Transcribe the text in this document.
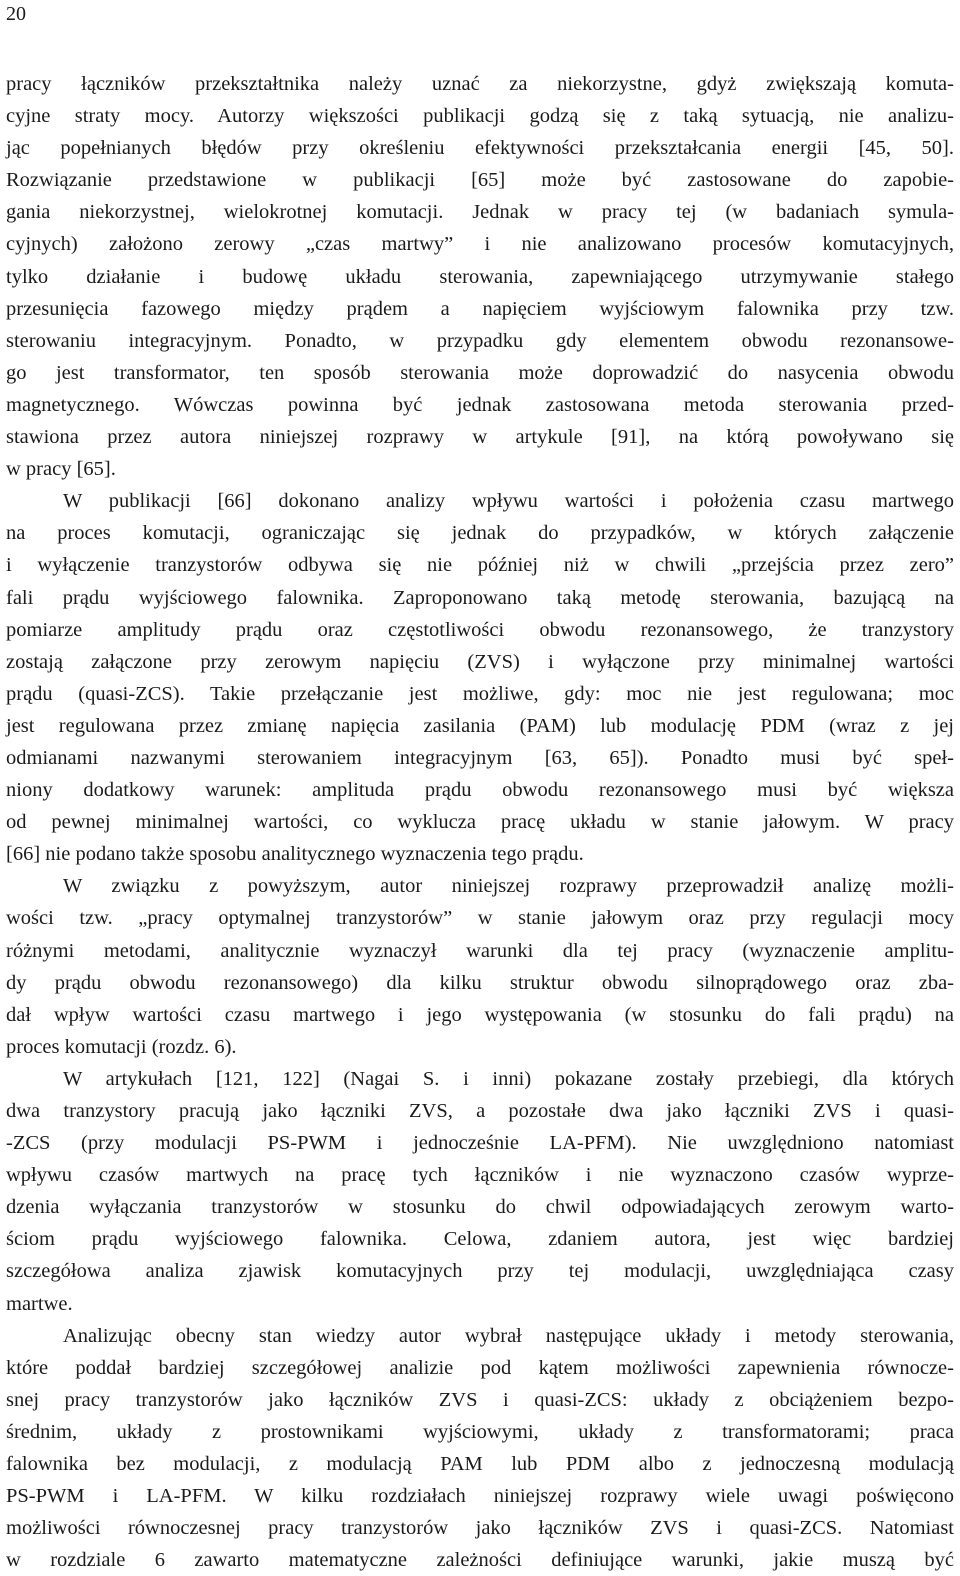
20

pracy łączników przekształtnika należy uznać za niekorzystne, gdyż zwiększają komuta-
cyjne straty mocy. Autorzy większości publikacji godzą się z taką sytuacją, nie analizu-
jąc popełnianych błędów przy określeniu efektywności przekształcania energii [45, 50].
Rozwiązanie przedstawione w publikacji [65] może być zastosowane do zapobie-
gania niekorzystnej, wielokrotnej komutacji. Jednak w pracy tej (w badaniach symula-
cyjnych) założono zerowy „czas martwy” i nie analizowano procesów komutacyjnych,
tylko działanie i budowę układu sterowania, zapewniającego utrzymywanie stałego
przesunięcia fazowego między prądem a napięciem wyjściowym falownika przy tzw.
sterowaniu integracyjnym. Ponadto, w przypadku gdy elementem obwodu rezonansowe-
go jest transformator, ten sposób sterowania może doprowadzić do nasycenia obwodu
magnetycznego. Wówczas powinna być jednak zastosowana metoda sterowania przed-
stawiona przez autora niniejszej rozprawy w artykule [91], na którą powoływano się
w pracy [65].

W publikacji [66] dokonano analizy wpływu wartości i położenia czasu martwego
na proces komutacji, ograniczając się jednak do przypadków, w których załączenie
i wyłączenie tranzystorów odbywa się nie później niż w chwili „przejścia przez zero”
fali prądu wyjściowego falownika. Zaproponowano taką metodę sterowania, bazującą na
pomiarze amplitudy prądu oraz częstotliwości obwodu rezonansowego, że tranzystory
zostają załączone przy zerowym napięciu (ZVS) i wyłączone przy minimalnej wartości
prądu (quasi-ZCS). Takie przełączanie jest możliwe, gdy: moc nie jest regulowana; moc
jest regulowana przez zmianę napięcia zasilania (PAM) lub modulację PDM (wraz z jej
odmianami nazwanymi sterowaniem integracyjnym [63, 65]). Ponadto musi być speł-
niony dodatkowy warunek: amplituda prądu obwodu rezonansowego musi być większa
od pewnej minimalnej wartości, co wyklucza pracę układu w stanie jałowym. W pracy
[66] nie podano także sposobu analitycznego wyznaczenia tego prądu.

W związku z powyższym, autor niniejszej rozprawy przeprowadził analizę możli-
wości tzw. „pracy optymalnej tranzystorów” w stanie jałowym oraz przy regulacji mocy
różnymi metodami, analitycznie wyznaczył warunki dla tej pracy (wyznaczenie amplitu-
dy prądu obwodu rezonansowego) dla kilku struktur obwodu silnoprądowego oraz zba-
dał wpływ wartości czasu martwego i jego występowania (w stosunku do fali prądu) na
proces komutacji (rozdz. 6).

W artykułach [121, 122] (Nagai S. i inni) pokazane zostały przebiegi, dla których
dwa tranzystory pracują jako łączniki ZVS, a pozostałe dwa jako łączniki ZVS i quasi-
-ZCS (przy modulacji PS-PWM i jednocześnie LA-PFM). Nie uwzględniono natomiast
wpływu czasów martwych na pracę tych łączników i nie wyznaczono czasów wyprze-
dzenia wyłączania tranzystorów w stosunku do chwil odpowiadających zerowym warto-
ściom prądu wyjściowego falownika. Celowa, zdaniem autora, jest więc bardziej
szczegółowa analiza zjawisk komutacyjnych przy tej modulacji, uwzględniająca czasy
martwe.

Analizując obecny stan wiedzy autor wybrał następujące układy i metody sterowania,
które poddał bardziej szczegółowej analizie pod kątem możliwości zapewnienia równocze-
snej pracy tranzystorów jako łączników ZVS i quasi-ZCS: układy z obciążeniem bezpo-
średnim, układy z prostownikami wyjściowymi, układy z transformatorami; praca
falownika bez modulacji, z modulacją PAM lub PDM albo z jednoczesną modulacją
PS-PWM i LA-PFM. W kilku rozdziałach niniejszej rozprawy wiele uwagi poświęcono
możliwości równoczesnej pracy tranzystorów jako łączników ZVS i quasi-ZCS. Natomiast
w rozdziale 6 zawarto matematyczne zależności definiujące warunki, jakie muszą być
